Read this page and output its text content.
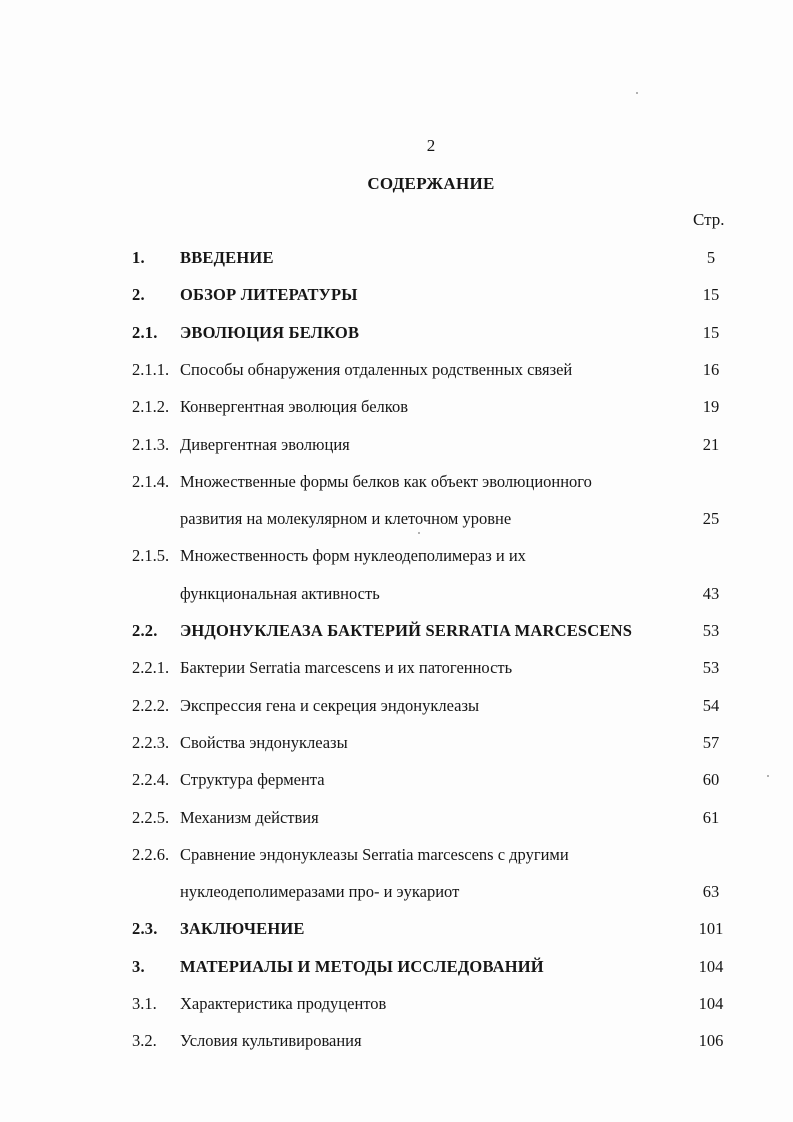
2
СОДЕРЖАНИЕ
Стр.
1. ВВЕДЕНИЕ	5
2. ОБЗОР ЛИТЕРАТУРЫ	15
2.1. ЭВОЛЮЦИЯ БЕЛКОВ	15
2.1.1. Способы обнаружения отдаленных родственных связей	16
2.1.2. Конвергентная эволюция белков	19
2.1.3. Дивергентная эволюция	21
2.1.4. Множественные формы белков как объект эволюционного
развития на молекулярном и клеточном уровне	25
2.1.5. Множественность форм нуклеодеполимераз и их
функциональная активность	43
2.2. ЭНДОНУКЛЕАЗА БАКТЕРИЙ SERRATIA MARCESCENS	53
2.2.1. Бактерии Serratia marcescens и их патогенность	53
2.2.2. Экспрессия гена и секреция эндонуклеазы	54
2.2.3. Свойства эндонуклеазы	57
2.2.4. Структура фермента	60
2.2.5. Механизм действия	61
2.2.6. Сравнение эндонуклеазы Serratia marcescens с другими
нуклеодеполимеразами про- и эукариот	63
2.3. ЗАКЛЮЧЕНИЕ	101
3. МАТЕРИАЛЫ И МЕТОДЫ ИССЛЕДОВАНИЙ	104
3.1. Характеристика продуцентов	104
3.2. Условия культивирования	106
